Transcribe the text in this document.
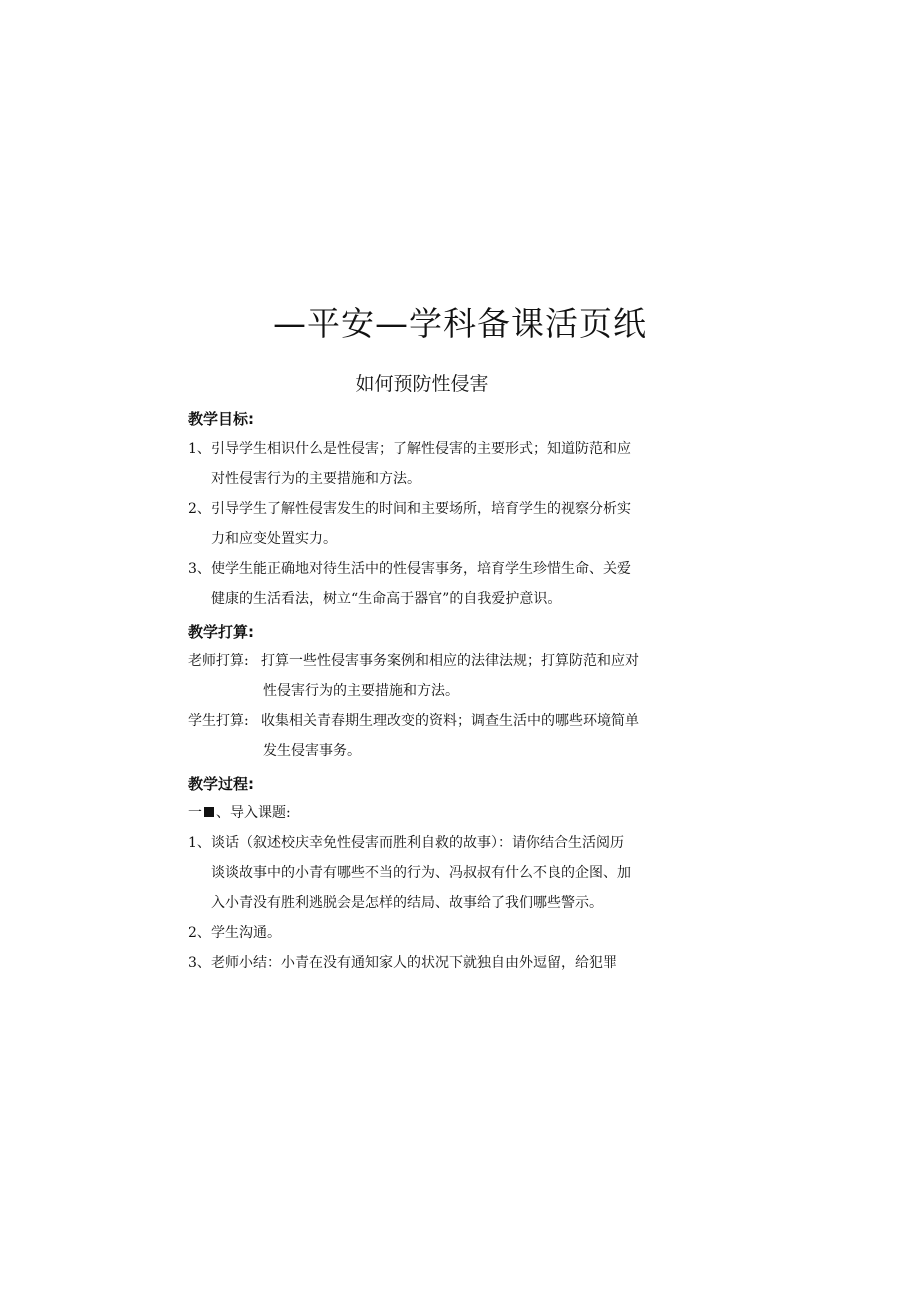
—平安—学科备课活页纸
如何预防性侵害
教学目标:
1、 引导学生相识什么是性侵害；了解性侵害的主要形式；知道防范和应
对性侵害行为的主要措施和方法。
2、 引导学生了解性侵害发生的时间和主要场所，培育学生的视察分析实
力和应变处置实力。
3、 使学生能正确地对待生活中的性侵害事务，培育学生珍惜生命、关爱
健康的生活看法，树立“生命高于器官”的自我爱护意识。
教学打算:
老师打算: 打算一些性侵害事务案例和相应的法律法规；打算防范和应对
性侵害行为的主要措施和方法。
学生打算: 收集相关青春期生理改变的资料；调查生活中的哪些环境简单
发生侵害事务。
教学过程:
一 、导入课题:
1、 谈话（叙述校庆幸免性侵害而胜利自救的故事）：请你结合生活阅历
谈谈故事中的小青有哪些不当的行为、冯叔叔有什么不良的企图、加
入小青没有胜利逃脱会是怎样的结局、故事给了我们哪些警示。
2、 学生沟通。
3、 老师小结：小青在没有通知家人的状况下就独自由外逗留，给犯罪
